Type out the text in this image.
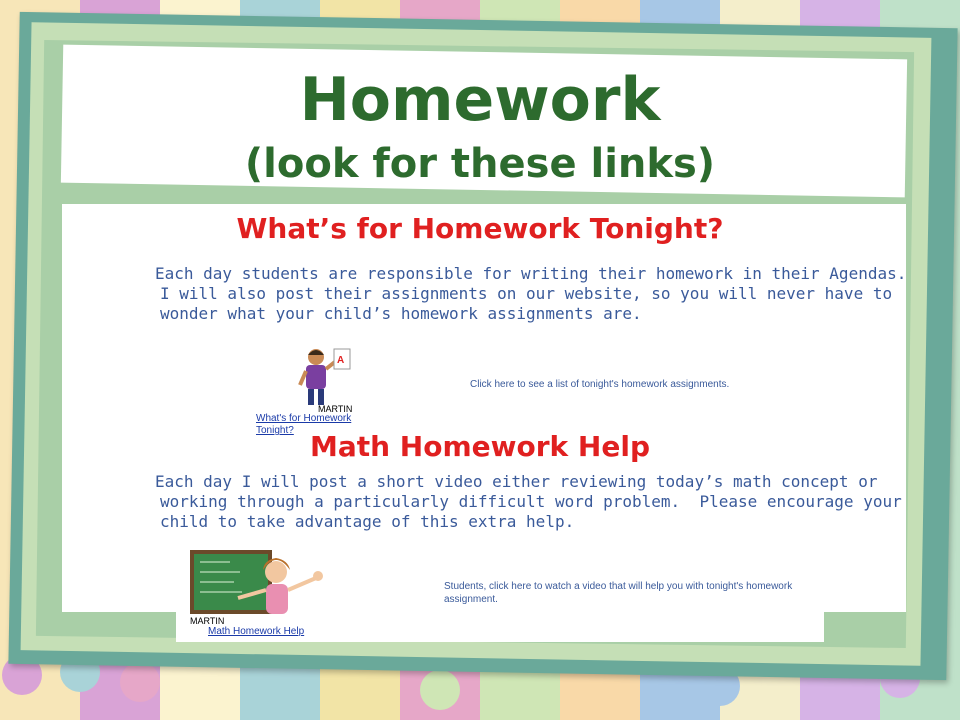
Homework
(look for these links)
What’s for Homework Tonight?
Each day students are responsible for writing their homework in their Agendas.
I will also post their assignments on our website, so you will never have to
wonder what your child’s homework assignments are.
A
MARTIN
What's for Homework Tonight?
Click here to see a list of tonight's homework assignments.
Math Homework Help
Each day I will post a short video either reviewing today’s math concept or
working through a particularly difficult word problem.  Please encourage your
child to take advantage of this extra help.
MARTIN
Math Homework Help
Students, click here to watch a video that will help you with tonight's homework
assignment.
